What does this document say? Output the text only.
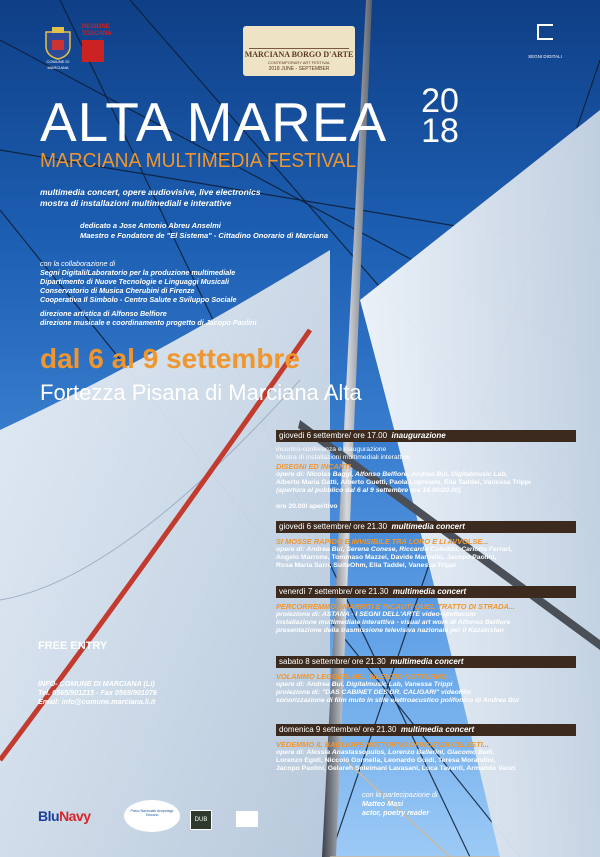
COMUNE DI MARCIANA
REGIONE
TOSCANA
MARCIANA BORGO D'ARTE
CONTEMPORARY ART FESTIVAL
2018 JUNE - SEPTEMBER
SEGNI DIGITALI
ALTA MAREA 20
18
MARCIANA MULTIMEDIA FESTIVAL
multimedia concert, opere audiovisive, live electronics
mostra di installazioni multimediali e interattive
dedicato a Jose Antonio Abreu Anselmi
Maestro e Fondatore de "El Sistema" - Cittadino Onorario di Marciana
con la collaborazione di
Segni Digitali/Laboratorio per la produzione multimediale
Dipartimento di Nuove Tecnologie e Linguaggi Musicali
Conservatorio di Musica Cherubini di Firenze
Cooperativa Il Simbolo - Centro Salute e Sviluppo Sociale
direzione artistica di Alfonso Belfiore
direzione musicale e coordinamento progetto di Jacopo Paolini
dal 6 al 9 settembre
Fortezza Pisana di Marciana Alta
giovedi 6 settembre/ ore 17.00 inaugurazione
incontro-conferenza e inaugurazione
Mostra di installazioni multimediali interattive
DISEGNI ED INCANTI
opere di: Nicolas Baggi, Alfonso Belfiore, Andrea Bui, Digitalmusic Lab,
Alberto Maria Gatti, Alberto Guetti, Paola Lopreiato, Elia Taddei, Vanessa Trippi
(apertura al pubblico dal 6 al 9 settembre ore 16.00/20.00)
ore 20.00/ aperitivo
giovedi 6 settembre/ ore 21.30 multimedia concert
SI MOSSE RAPIDO E INVISIBILE TRA LORO E LI AVVOLSE...
opere di: Andrea Bui, Serena Conese, Riccardo Culeddu, Carlotta Ferrari,
Angelo Marrone, Tommaso Mazzei, Davide Martiello, Jacopo Paolini,
Rosa Maria Sarri, SuiteOhm, Elia Taddei, Vanessa Trippi
venerdì 7 settembre/ ore 21.30 multimedia concert
PERCORREMMO SMARRITI E INCAUTI QUEL TRATTO DI STRADA...
proiezione di: ASTANA - I SEGNI DELL'ARTE video-spettacolo
installazione multimediale interattiva - visual art work di Alfonso Belfiore
presentazione della trasmissione televisiva nazionale per il Kazakistan
sabato 8 settembre/ ore 21.30 multimedia concert
VOLAMMO LEGGERI NEL SILENZIO NOTTURNO...
opere di: Andrea Bui, Digitalmusic Lab, Vanessa Trippi
proiezione di: "DAS CABINET DES DR. CALIGARI" videofilm
sonorizzazione di film muto in stile elettroacustico polifonico di Andrea Bui
domenica 9 settembre/ ore 21.30 multimedia concert
VEDEMMO IL BAGLIORE NOTTURNO DI INCENDI CELESTI...
opere di: Alessia Anastassopulos, Lorenzo Ballerini, Giacomo Belli,
Lorenzo Egidi, Niccolò Gonnella, Leonardo Guidi, Teresa Morandini,
Jacopo Paolini, Gelareh Soleimani Lavasani, Luca Tavanti, Armando Vanzi
con la partecipazione di
Matteo Masi
actor, poetry reader
FREE ENTRY
INFO- COMUNE DI MARCIANA (LI)
Tel. 0565/901215 - Fax 0565/901076
Email: info@comune.marciana.li.it
BluNavy	Parco Nazionale Arcipelago Toscano
DUB
